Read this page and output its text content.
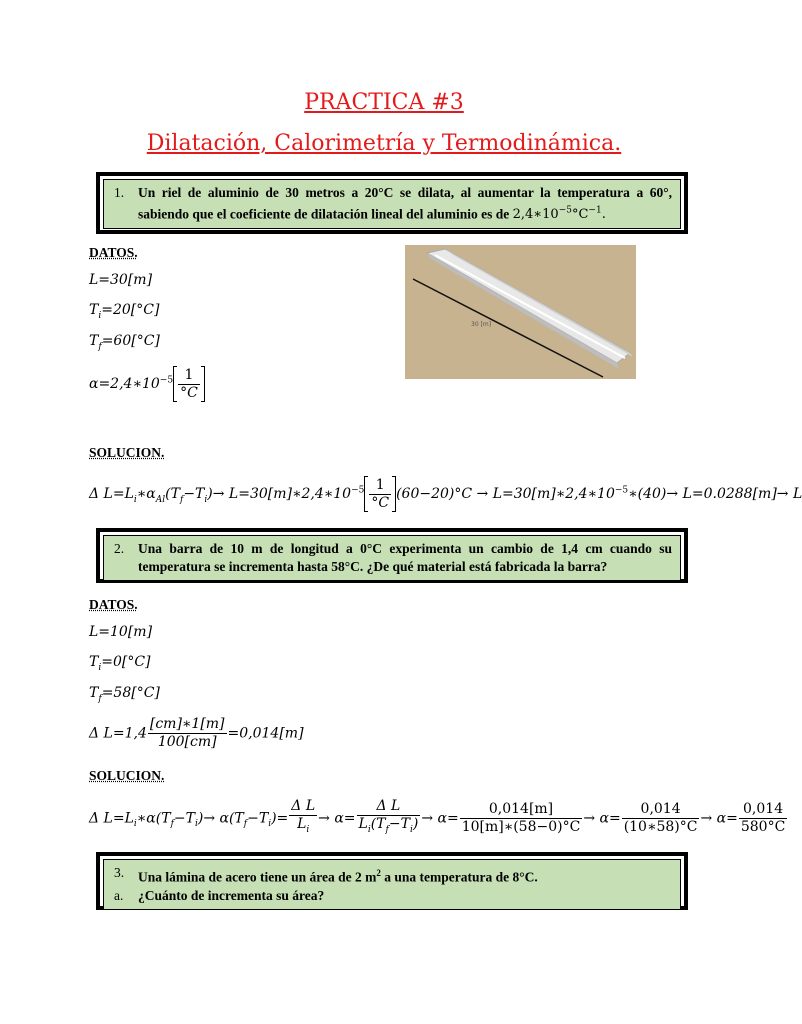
PRACTICA #3
Dilatación, Calorimetría y Termodinámica.
1.	Un riel de aluminio de 30 metros a 20°C se dilata, al aumentar la temperatura a 60°, sabiendo que el coeficiente de dilatación lineal del aluminio es de $2,4∗10^{-5}^\circ C^{-1}$.
DATOS.
L=30[m]
$T_i=20[^\circ C]$
$T_f=60[^\circ C]$
$\alpha=2,4∗10^{-5} \frac{1}{^\circ C}$
30 [m]
SOLUCION.
Δ $L=L_i∗\alpha_{Al}(T_f-T_i)\to$ $L=30[m]∗2,4∗10^{-5} \frac{1}{^\circ C} (60-20)^\circ C$ → $L=30[m]∗2,4∗10^{-5}∗(40)\to L=0.0288[m]\to L$
2.	Una barra de 10 m de longitud a 0°C experimenta un cambio de 1,4 cm cuando su temperatura se incrementa hasta 58°C. ¿De qué material está fabricada la barra?
DATOS.
L=10[m]
$T_i=0[^\circ C]$
$T_f=58[^\circ C]$
Δ $L=1,4 \frac{[cm]∗1[m]}{100[cm]} =0,014[m]$
SOLUCION.
Δ $L=L_i∗\alpha(T_f-T_i)\to \alpha(T_f-T_i)= \frac{\text{Δ L}}{L_i} \to \alpha= \frac{\text{Δ L}}{L_i(T_f-T_i)} \to \alpha= \frac{0,014[m]}{10[m]∗(58-0)^\circ C} \to \alpha= \frac{0,014}{(10∗58)^\circ C} \to \alpha= \frac{0,014}{580^\circ C}$
3.	Una lámina de acero tiene un área de 2 $m^2$ a una temperatura de 8°C.
a.	¿Cuánto de incrementa su área?
